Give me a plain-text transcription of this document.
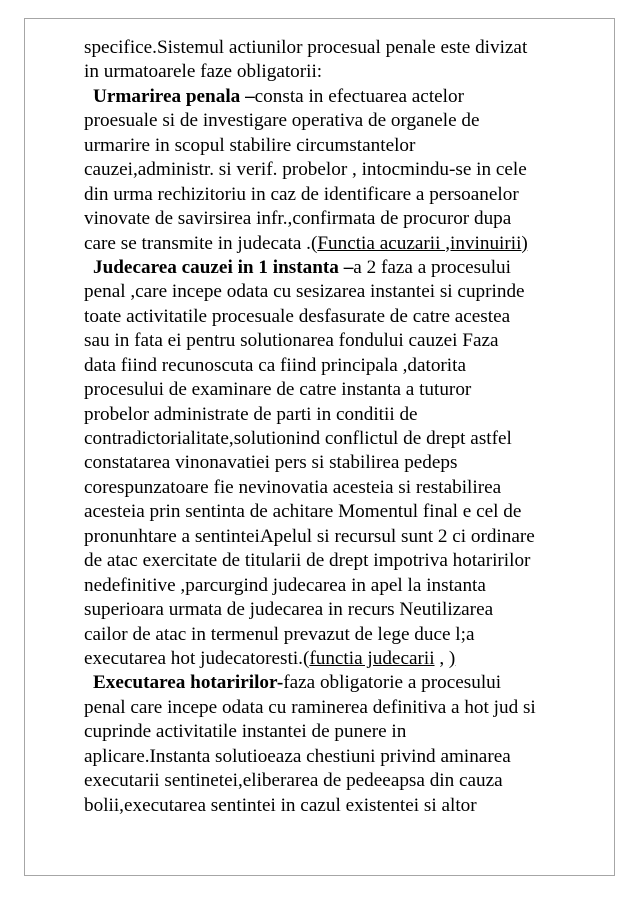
specifice.Sistemul actiunilor procesual penale este divizat
in urmatoarele faze obligatorii:
Urmarirea penala –consta in efectuarea actelor
proesuale si de investigare operativa de organele de
urmarire in scopul stabilire circumstantelor
cauzei,administr. si verif. probelor , intocmindu-se in cele
din urma rechizitoriu in caz de identificare a persoanelor
vinovate de savirsirea infr.,confirmata de procuror dupa
care se transmite in judecata .(Functia acuzarii ,invinuirii)
Judecarea cauzei in 1 instanta –a 2 faza a procesului
penal ,care incepe odata cu sesizarea instantei si cuprinde
toate activitatile procesuale desfasurate de catre acestea
sau in fata ei pentru solutionarea fondului cauzei Faza
data fiind recunoscuta ca fiind principala ,datorita
procesului de examinare de catre instanta a tuturor
probelor administrate de parti in conditii de
contradictorialitate,solutionind conflictul de drept astfel
constatarea vinonavatiei pers si stabilirea pedeps
corespunzatoare fie nevinovatia acesteia si restabilirea
acesteia prin sentinta de achitare Momentul final e cel de
pronunhtare a sentinteiApelul si recursul sunt 2 ci ordinare
de atac exercitate de titularii de drept impotriva hotaririlor
nedefinitive ,parcurgind judecarea in apel la instanta
superioara urmata de judecarea in recurs Neutilizarea
cailor de atac in termenul prevazut de lege duce l;a
executarea hot judecatoresti.(functia judecarii , )
Executarea hotaririlor-faza obligatorie a procesului
penal care incepe odata cu raminerea definitiva a hot jud si
cuprinde activitatile instantei de punere in
aplicare.Instanta solutioeaza chestiuni privind aminarea
executarii sentinetei,eliberarea de pedeeapsa din cauza
bolii,executarea sentintei in cazul existentei si altor
